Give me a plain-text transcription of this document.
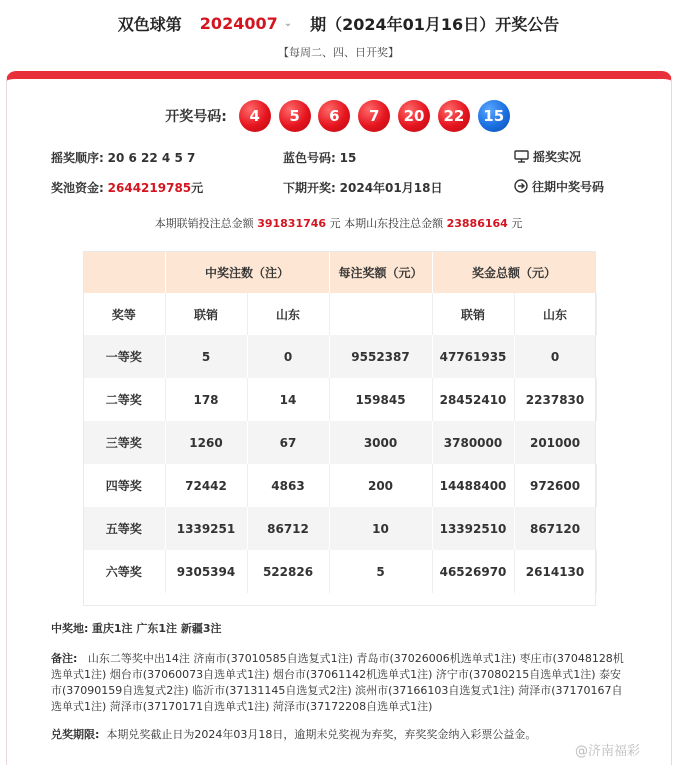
双色球第 2024007 ⌄ 期（2024年01月16日）开奖公告
【每周二、四、日开奖】
开奖号码: 4 5 6 7 20 22 15
摇奖顺序: 20 6 22 4 5 7	蓝色号码: 15	摇奖实况
奖池资金: 2644219785元	下期开奖: 2024年01月18日	往期中奖号码
本期联销投注总金额 391831746 元 本期山东投注总金额 23886164 元
	中奖注数（注）		每注奖额（元）	奖金总额（元）	
奖等	联销	山东		联销	山东
一等奖	5	0	9552387	47761935	0
二等奖	178	14	159845	28452410	2237830
三等奖	1260	67	3000	3780000	201000
四等奖	72442	4863	200	14488400	972600
五等奖	1339251	86712	10	13392510	867120
六等奖	9305394	522826	5	46526970	2614130
中奖地: 重庆1注 广东1注 新疆3注
备注: 山东二等奖中出14注 济南市(37010585自选复式1注) 青岛市(37026006机选单式1注) 枣庄市(37048128机选单式1注) 烟台市(37060073自选单式1注) 烟台市(37061142机选单式1注) 济宁市(37080215自选单式1注) 泰安市(37090159自选复式2注) 临沂市(37131145自选复式2注) 滨州市(37166103自选复式1注) 菏泽市(37170167自选单式1注) 菏泽市(37170171自选单式1注) 菏泽市(37172208自选单式1注)
兑奖期限: 本期兑奖截止日为2024年03月18日，逾期未兑奖视为弃奖，弃奖奖金纳入彩票公益金。
@济南福彩
